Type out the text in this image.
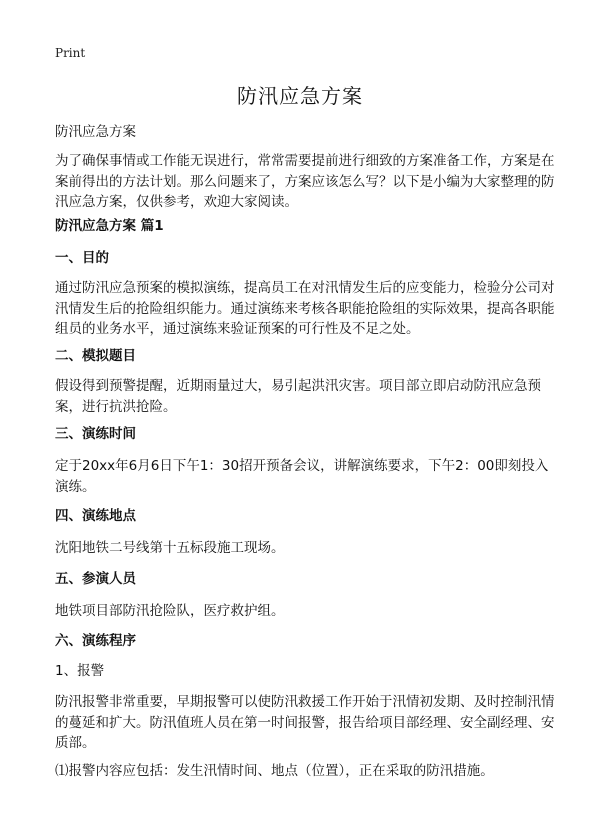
Print
防汛应急方案
防汛应急方案
为了确保事情或工作能无误进行，常常需要提前进行细致的方案准备工作，方案是在案前得出的方法计划。那么问题来了，方案应该怎么写？以下是小编为大家整理的防汛应急方案，仅供参考，欢迎大家阅读。
防汛应急方案 篇1
一、目的
通过防汛应急预案的模拟演练，提高员工在对汛情发生后的应变能力，检验分公司对汛情发生后的抢险组织能力。通过演练来考核各职能抢险组的实际效果，提高各职能组员的业务水平，通过演练来验证预案的可行性及不足之处。
二、模拟题目
假设得到预警提醒，近期雨量过大，易引起洪汛灾害。项目部立即启动防汛应急预案，进行抗洪抢险。
三、演练时间
定于20xx年6月6日下午1：30招开预备会议，讲解演练要求，下午2：00即刻投入演练。
四、演练地点
沈阳地铁二号线第十五标段施工现场。
五、参演人员
地铁项目部防汛抢险队，医疗救护组。
六、演练程序
1、报警
防汛报警非常重要，早期报警可以使防汛救援工作开始于汛情初发期、及时控制汛情的蔓延和扩大。防汛值班人员在第一时间报警，报告给项目部经理、安全副经理、安质部。
⑴报警内容应包括：发生汛情时间、地点（位置），正在采取的防汛措施。
